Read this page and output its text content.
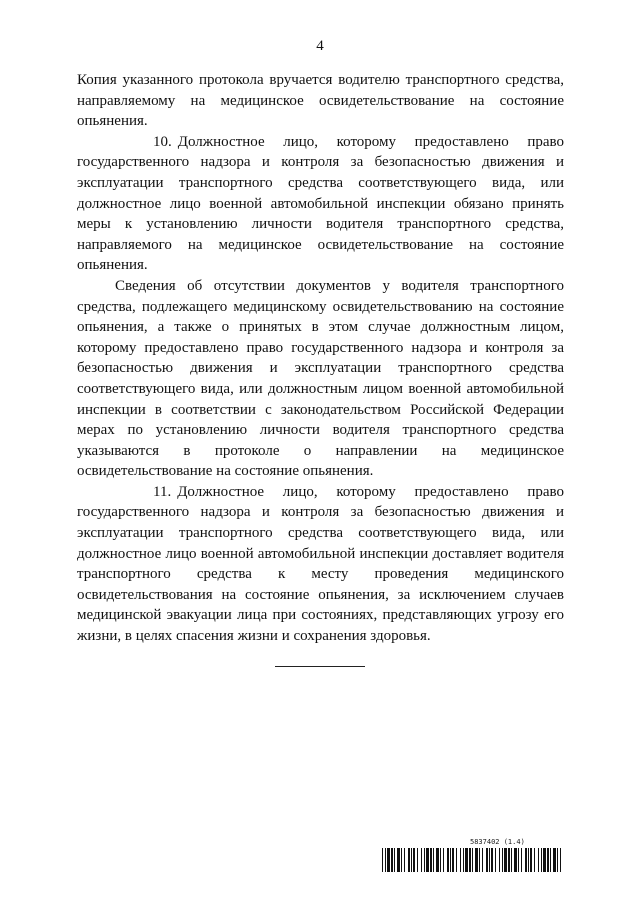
4

Копия указанного протокола вручается водителю транспортного средства, направляемому на медицинское освидетельствование на состояние опьянения.

10. Должностное лицо, которому предоставлено право государственного надзора и контроля за безопасностью движения и эксплуатации транспортного средства соответствующего вида, или должностное лицо военной автомобильной инспекции обязано принять меры к установлению личности водителя транспортного средства, направляемого на медицинское освидетельствование на состояние опьянения.

Сведения об отсутствии документов у водителя транспортного средства, подлежащего медицинскому освидетельствованию на состояние опьянения, а также о принятых в этом случае должностным лицом, которому предоставлено право государственного надзора и контроля за безопасностью движения и эксплуатации транспортного средства соответствующего вида, или должностным лицом военной автомобильной инспекции в соответствии с законодательством Российской Федерации мерах по установлению личности водителя транспортного средства указываются в протоколе о направлении на медицинское освидетельствование на состояние опьянения.

11. Должностное лицо, которому предоставлено право государственного надзора и контроля за безопасностью движения и эксплуатации транспортного средства соответствующего вида, или должностное лицо военной автомобильной инспекции доставляет водителя транспортного средства к месту проведения медицинского освидетельствования на состояние опьянения, за исключением случаев медицинской эвакуации лица при состояниях, представляющих угрозу его жизни, в целях спасения жизни и сохранения здоровья.

5837402 (1.4)
